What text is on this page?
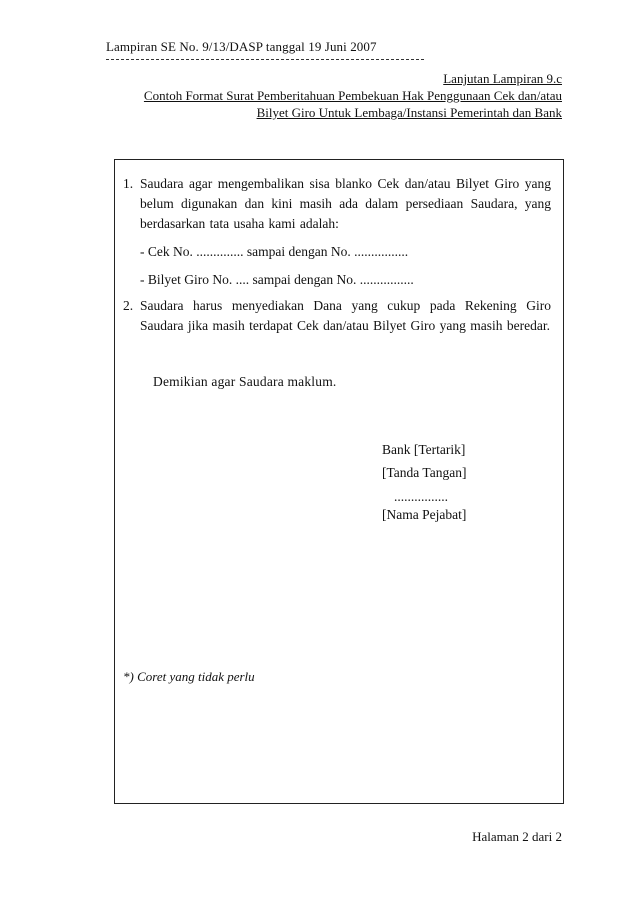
Lampiran SE No. 9/13/DASP tanggal 19 Juni 2007
Lanjutan Lampiran 9.c
Contoh Format Surat Pemberitahuan Pembekuan Hak Penggunaan Cek dan/atau
Bilyet Giro Untuk Lembaga/Instansi Pemerintah dan Bank
1. Saudara agar mengembalikan sisa blanko Cek dan/atau Bilyet Giro yang belum digunakan dan kini masih ada dalam persediaan Saudara, yang berdasarkan tata usaha kami adalah:
- Cek No. .............. sampai dengan No. ................
- Bilyet Giro No. .... sampai dengan No. ................
2. Saudara harus menyediakan Dana yang cukup pada Rekening Giro Saudara jika masih terdapat Cek dan/atau Bilyet Giro yang masih beredar.
Demikian agar Saudara maklum.
Bank [Tertarik]
[Tanda Tangan]
................
[Nama Pejabat]
*) Coret yang tidak perlu
Halaman 2 dari 2
